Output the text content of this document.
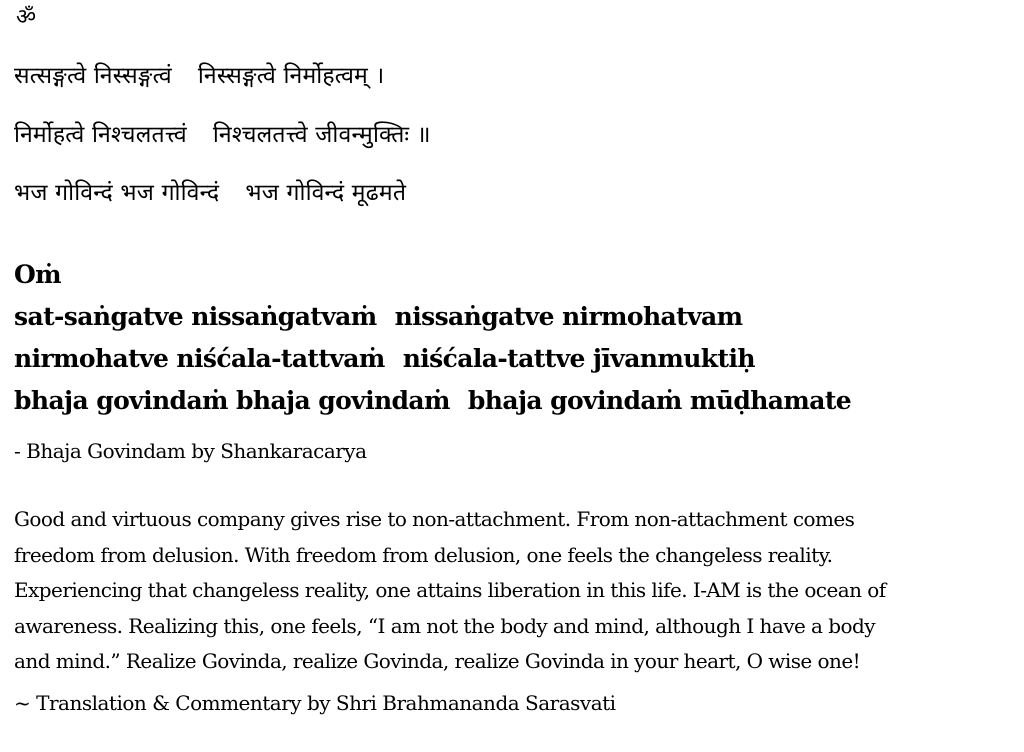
ॐ
सत्सङ्गत्वे निस्सङ्गत्वं निस्सङ्गत्वे निर्मोहत्वम् ।
निर्मोहत्वे निश्चलतत्त्वं निश्चलतत्त्वे जीवन्मुक्तिः ॥
भज गोविन्दं भज गोविन्दं भज गोविन्दं मूढमते
Oṁ
sat-saṅgatve nissaṅgatvaṁ nissaṅgatve nirmohatvam
nirmohatve niśćala-tattvaṁ niśćala-tattve jīvanmuktiḥ
bhaja govindaṁ bhaja govindaṁ bhaja govindaṁ mūḍhamate
- Bhaja Govindam by Shankaracarya
Good and virtuous company gives rise to non-attachment. From non-attachment comes
freedom from delusion. With freedom from delusion, one feels the changeless reality.
Experiencing that changeless reality, one attains liberation in this life. I-AM is the ocean of
awareness. Realizing this, one feels, “I am not the body and mind, although I have a body
and mind.” Realize Govinda, realize Govinda, realize Govinda in your heart, O wise one!
~ Translation & Commentary by Shri Brahmananda Sarasvati
